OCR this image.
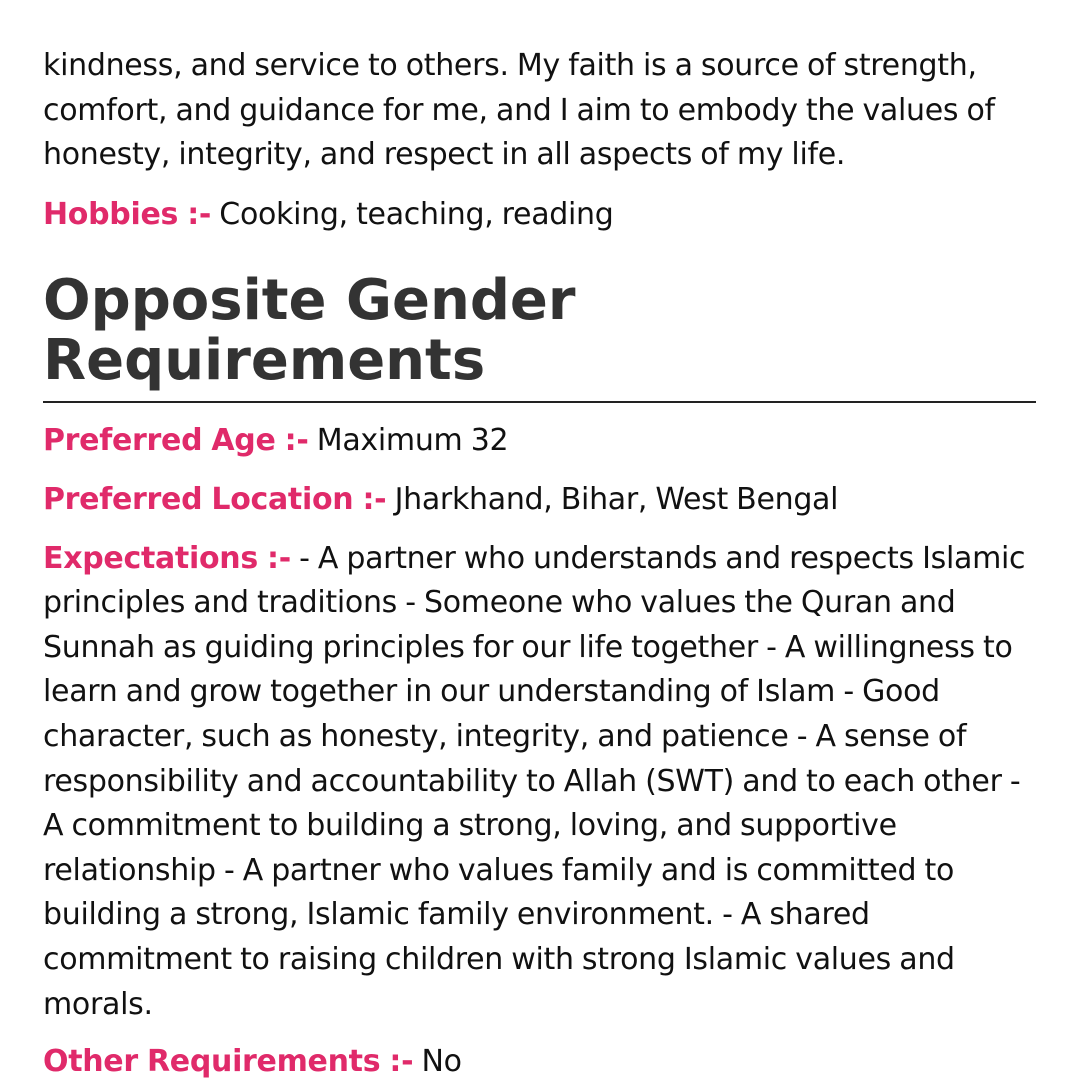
kindness, and service to others. My faith is a source of strength, comfort, and guidance for me, and I aim to embody the values of honesty, integrity, and respect in all aspects of my life.

Hobbies :- Cooking, teaching, reading

Opposite Gender Requirements

Preferred Age :- Maximum 32

Preferred Location :- Jharkhand, Bihar, West Bengal

Expectations :- - A partner who understands and respects Islamic principles and traditions - Someone who values the Quran and Sunnah as guiding principles for our life together - A willingness to learn and grow together in our understanding of Islam - Good character, such as honesty, integrity, and patience - A sense of responsibility and accountability to Allah (SWT) and to each other - A commitment to building a strong, loving, and supportive relationship - A partner who values family and is committed to building a strong, Islamic family environment. - A shared commitment to raising children with strong Islamic values and morals.

Other Requirements :- No
